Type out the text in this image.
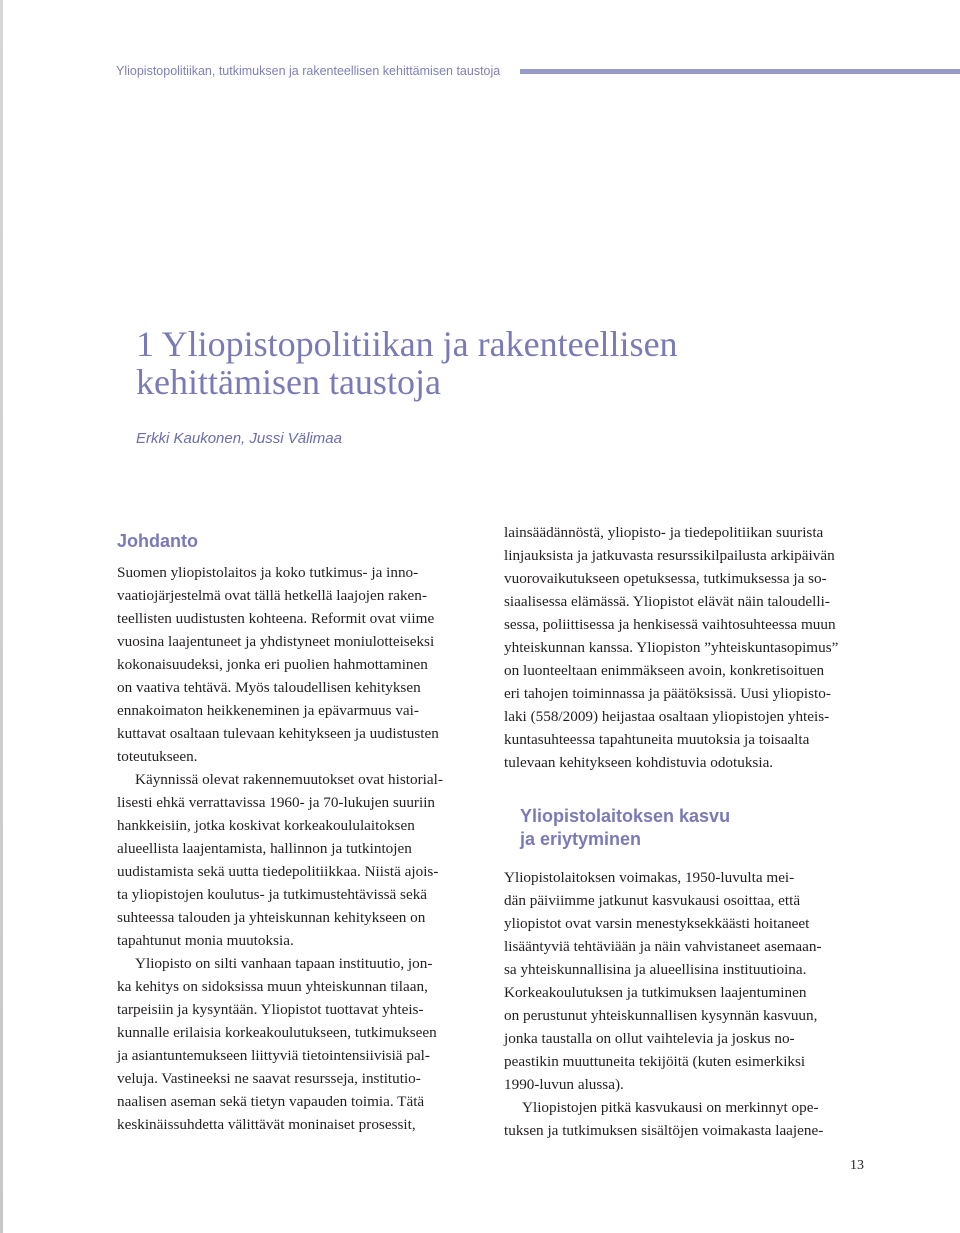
Yliopistopolitiikan, tutkimuksen ja rakenteellisen kehittämisen taustoja
1 Yliopistopolitiikan ja rakenteellisen
kehittämisen taustoja
Erkki Kaukonen, Jussi Välimaa
Johdanto

Suomen yliopistolaitos ja koko tutkimus- ja inno-
vaatiojärjestelmä ovat tällä hetkellä laajojen raken-
teellisten uudistusten kohteena. Reformit ovat viime
vuosina laajentuneet ja yhdistyneet moniulotteiseksi
kokonaisuudeksi, jonka eri puolien hahmottaminen
on vaativa tehtävä. Myös taloudellisen kehityksen
ennakoimaton heikkeneminen ja epävarmuus vai-
kuttavat osaltaan tulevaan kehitykseen ja uudistusten
toteutukseen.

Käynnissä olevat rakennemuutokset ovat historial-
lisesti ehkä verrattavissa 1960- ja 70-lukujen suuriin
hankkeisiin, jotka koskivat korkeakoululaitoksen
alueellista laajentamista, hallinnon ja tutkintojen
uudistamista sekä uutta tiedepolitiikkaa. Niistä ajois-
ta yliopistojen koulutus- ja tutkimustehtävissä sekä
suhteessa talouden ja yhteiskunnan kehitykseen on
tapahtunut monia muutoksia.

Yliopisto on silti vanhaan tapaan instituutio, jon-
ka kehitys on sidoksissa muun yhteiskunnan tilaan,
tarpeisiin ja kysyntään. Yliopistot tuottavat yhteis-
kunnalle erilaisia korkeakoulutukseen, tutkimukseen
ja asiantuntemukseen liittyviä tietointensiivisiä pal-
veluja. Vastineeksi ne saavat resursseja, institutio-
naalisen aseman sekä tietyn vapauden toimia. Tätä
keskinäissuhdetta välittävät moninaiset prosessit,

lainsäädännöstä, yliopisto- ja tiedepolitiikan suurista
linjauksista ja jatkuvasta resurssikilpailusta arkipäivän
vuorovaikutukseen opetuksessa, tutkimuksessa ja so-
siaalisessa elämässä. Yliopistot elävät näin taloudelli-
sessa, poliittisessa ja henkisessä vaihtosuhteessa muun
yhteiskunnan kanssa. Yliopiston ”yhteiskuntasopimus”
on luonteeltaan enimmäkseen avoin, konkretisoituen
eri tahojen toiminnassa ja päätöksissä. Uusi yliopisto-
laki (558/2009) heijastaa osaltaan yliopistojen yhteis-
kuntasuhteessa tapahtuneita muutoksia ja toisaalta
tulevaan kehitykseen kohdistuvia odotuksia.

Yliopistolaitoksen kasvu
ja eriytyminen

Yliopistolaitoksen voimakas, 1950-luvulta mei-
dän päiviimme jatkunut kasvukausi osoittaa, että
yliopistot ovat varsin menestyksekkäästi hoitaneet
lisääntyviä tehtäviään ja näin vahvistaneet asemaan-
sa yhteiskunnallisina ja alueellisina instituutioina.
Korkeakoulutuksen ja tutkimuksen laajentuminen
on perustunut yhteiskunnallisen kysynnän kasvuun,
jonka taustalla on ollut vaihtelevia ja joskus no-
peastikin muuttuneita tekijöitä (kuten esimerkiksi
1990-luvun alussa).

Yliopistojen pitkä kasvukausi on merkinnyt ope-
tuksen ja tutkimuksen sisältöjen voimakasta laajene-

13
